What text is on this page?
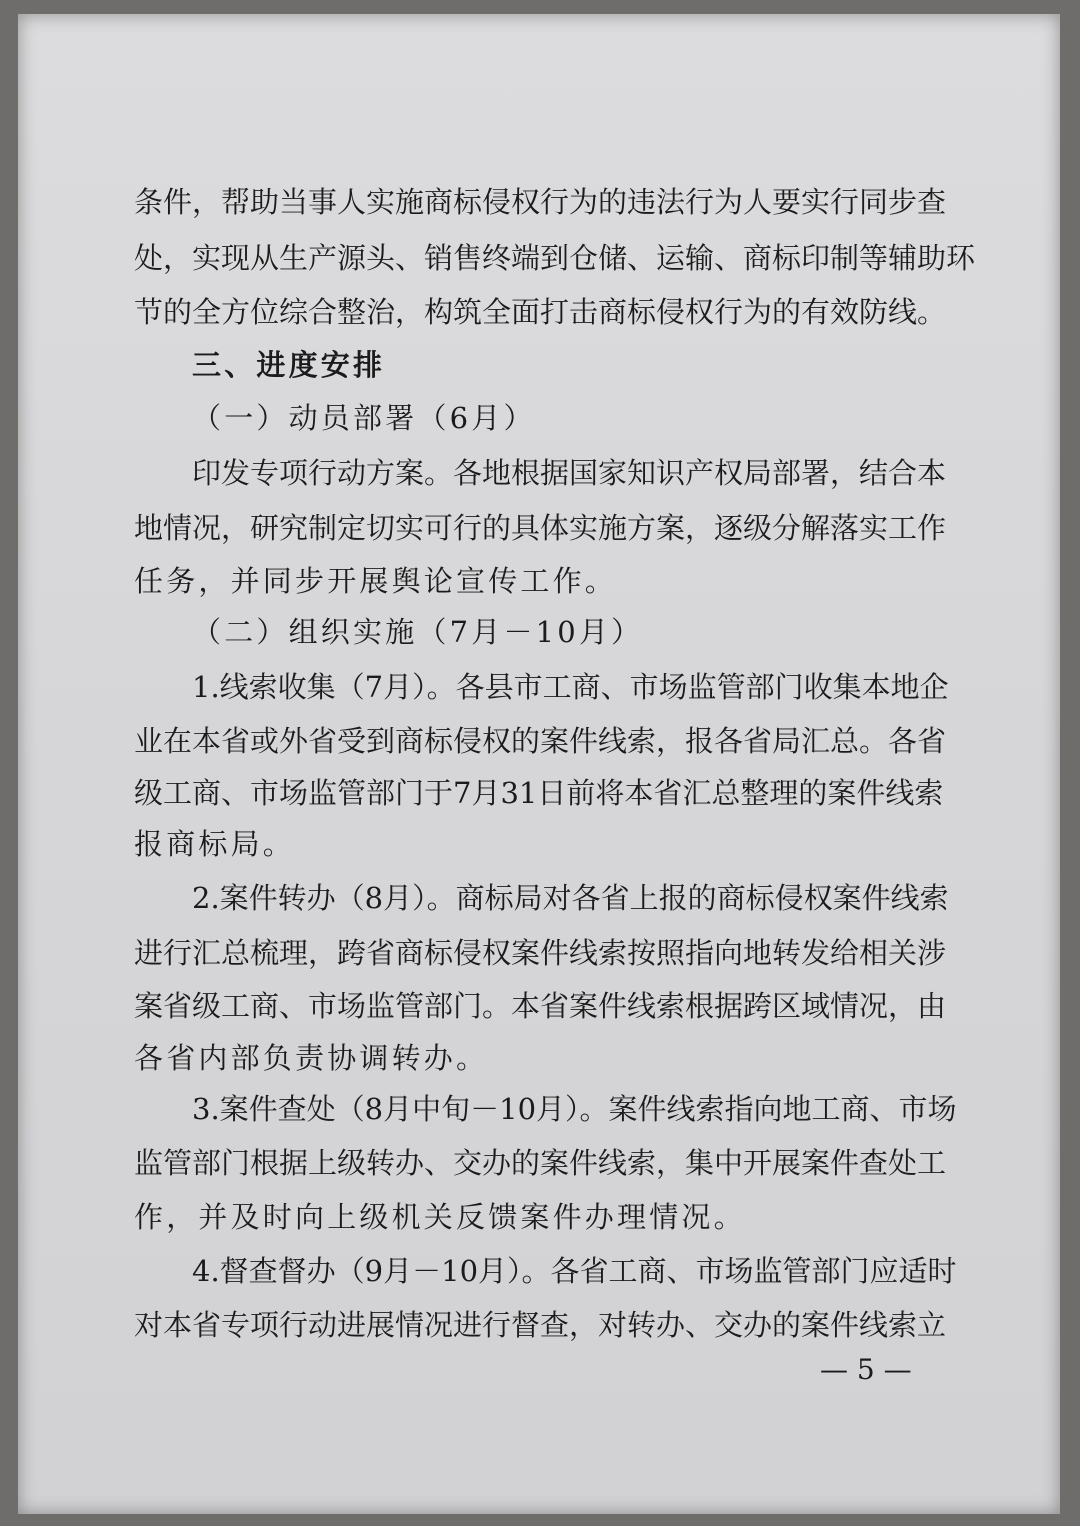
条件，帮助当事人实施商标侵权行为的违法行为人要实行同步查
处，实现从生产源头、销售终端到仓储、运输、商标印制等辅助环
节的全方位综合整治，构筑全面打击商标侵权行为的有效防线。
三、进度安排
（一）动员部署（6月）
印发专项行动方案。各地根据国家知识产权局部署，结合本
地情况，研究制定切实可行的具体实施方案，逐级分解落实工作
任务，并同步开展舆论宣传工作。
（二）组织实施（7月－10月）
1.线索收集（7月）。各县市工商、市场监管部门收集本地企
业在本省或外省受到商标侵权的案件线索，报各省局汇总。各省
级工商、市场监管部门于7月31日前将本省汇总整理的案件线索
报商标局。
2.案件转办（8月）。商标局对各省上报的商标侵权案件线索
进行汇总梳理，跨省商标侵权案件线索按照指向地转发给相关涉
案省级工商、市场监管部门。本省案件线索根据跨区域情况，由
各省内部负责协调转办。
3.案件查处（8月中旬－10月）。案件线索指向地工商、市场
监管部门根据上级转办、交办的案件线索，集中开展案件查处工
作，并及时向上级机关反馈案件办理情况。
4.督查督办（9月－10月）。各省工商、市场监管部门应适时
对本省专项行动进展情况进行督查，对转办、交办的案件线索立
— 5 —
